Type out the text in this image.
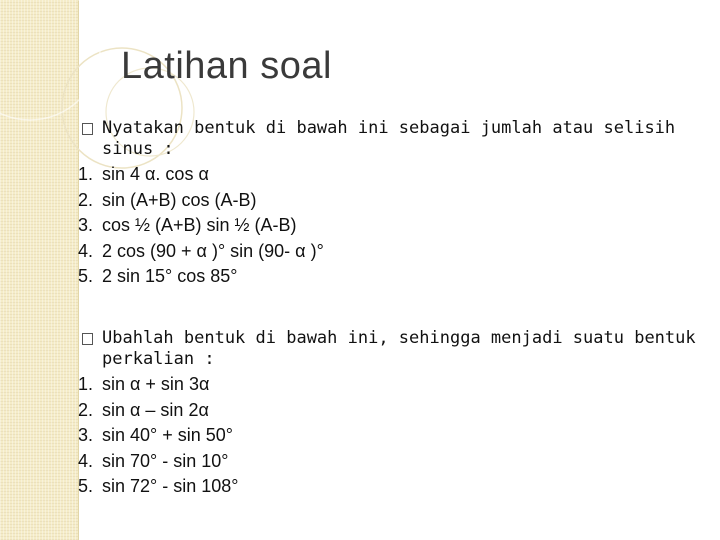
Latihan soal
Nyatakan bentuk di bawah ini sebagai jumlah atau selisih sinus :
1. sin 4 α. cos α
2. sin (A+B) cos (A-B)
3. cos ½ (A+B) sin ½ (A-B)
4. 2 cos (90 + α )° sin (90- α )°
5. 2 sin 15° cos 85°
Ubahlah bentuk di bawah ini, sehingga menjadi suatu bentuk perkalian :
1. sin α + sin 3α
2. sin α – sin 2α
3. sin 40° + sin 50°
4. sin 70° - sin 10°
5. sin 72° - sin 108°
